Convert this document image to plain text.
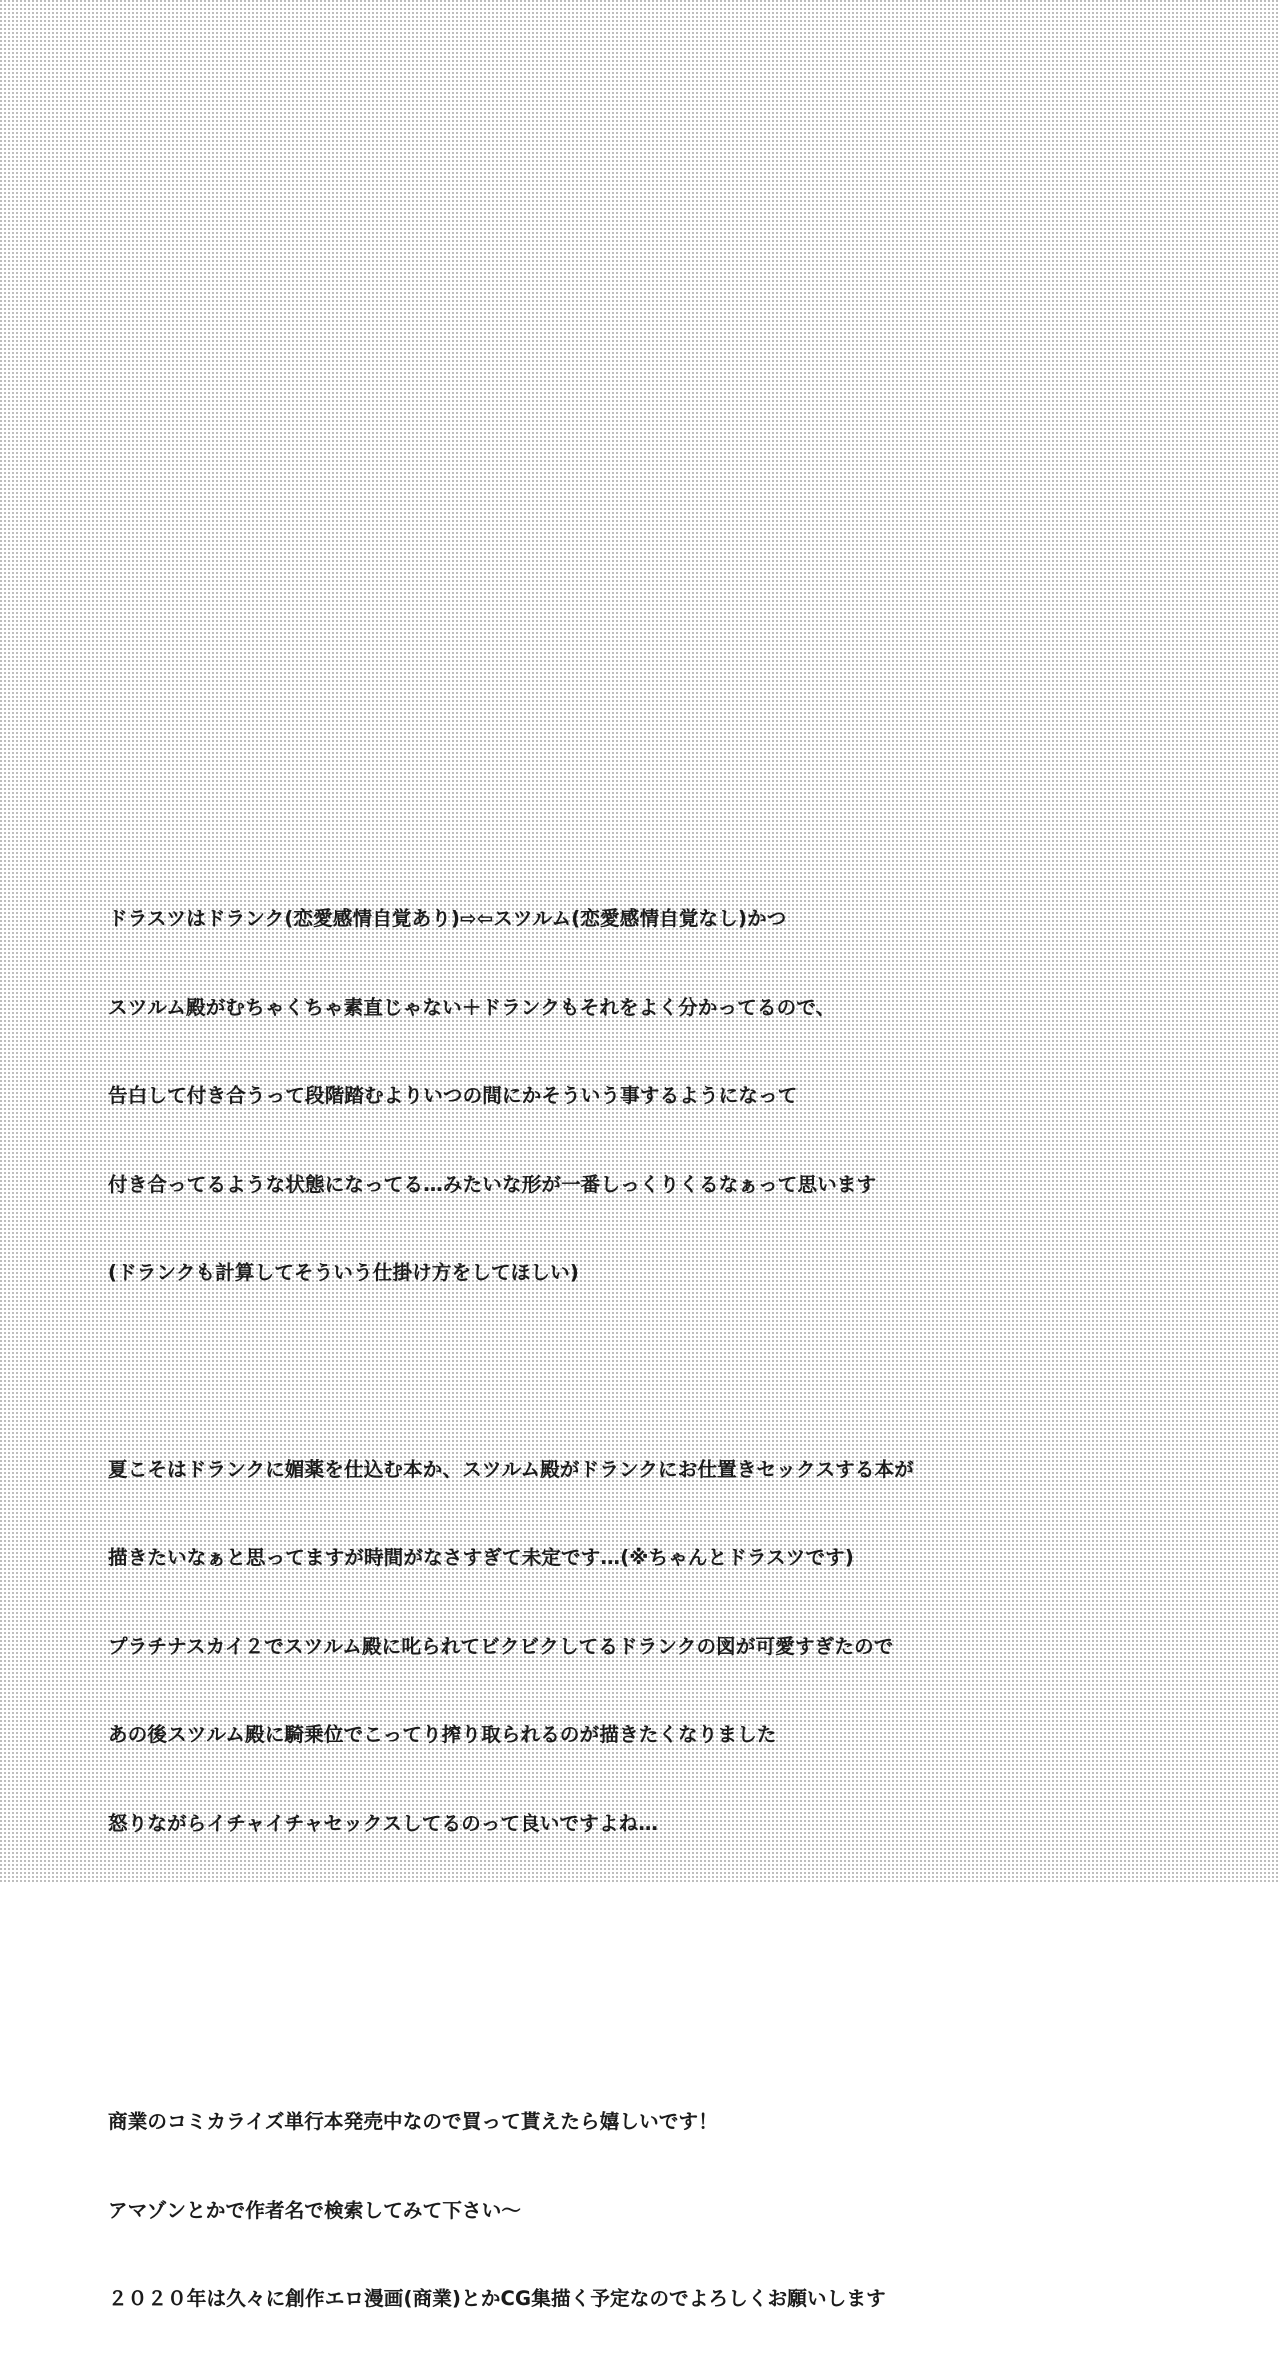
ドラスツはドランク(恋愛感情自覚あり)⇨⇦スツルム(恋愛感情自覚なし)かつ

スツルム殿がむちゃくちゃ素直じゃない＋ドランクもそれをよく分かってるので、

告白して付き合うって段階踏むよりいつの間にかそういう事するようになって

付き合ってるような状態になってる…みたいな形が一番しっくりくるなぁって思います

(ドランクも計算してそういう仕掛け方をしてほしい)

夏こそはドランクに媚薬を仕込む本か、スツルム殿がドランクにお仕置きセックスする本が

描きたいなぁと思ってますが時間がなさすぎて未定です…(※ちゃんとドラスツです)

プラチナスカイ２でスツルム殿に叱られてビクビクしてるドランクの図が可愛すぎたので

あの後スツルム殿に騎乗位でこってり搾り取られるのが描きたくなりました

怒りながらイチャイチャセックスしてるのって良いですよね…

商業のコミカライズ単行本発売中なので買って貰えたら嬉しいです！

アマゾンとかで作者名で検索してみて下さい〜

２０２０年は久々に創作エロ漫画(商業)とかCG集描く予定なのでよろしくお願いします
